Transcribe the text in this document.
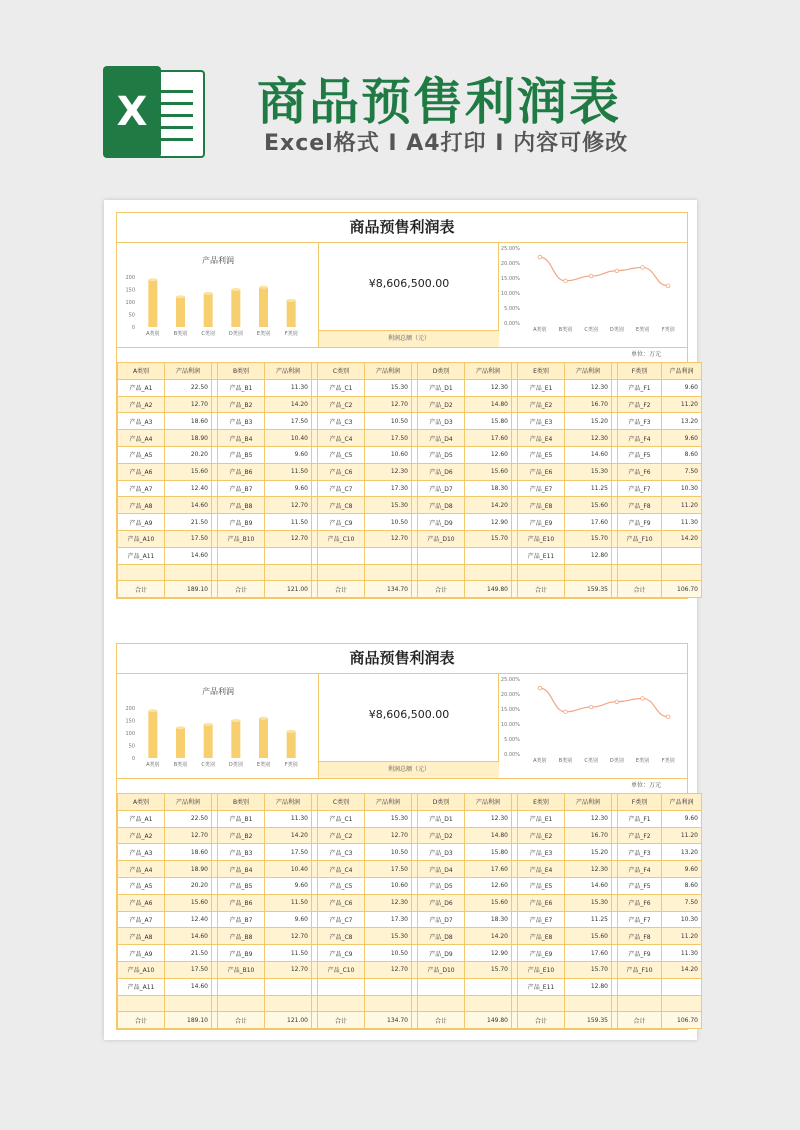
X 商品预售利润表
Excel格式 I A4打印 I 内容可修改
商品预售利润表
产品利润
0
50
100
150
200
A类别	B类别	C类别	D类别	E类别	F类别
¥8,606,500.00
利润总额（元）
0.00%
5.00%
10.00%
15.00%
20.00%
25.00%
A类别 B类别 C类别 D类别 E类别	F类别
单位：万元
A类别	产品利润		B类别	产品利润		C类别	产品利润		D类别	产品利润		E类别	产品利润		F类别	产品利润
产品_A1	22.50		产品_B1	11.30		产品_C1	15.30		产品_D1	12.30		产品_E1	12.30		产品_F1	9.60
产品_A2	12.70		产品_B2	14.20		产品_C2	12.70		产品_D2	14.80		产品_E2	16.70		产品_F2	11.20
产品_A3	18.60		产品_B3	17.50		产品_C3	10.50		产品_D3	15.80		产品_E3	15.20		产品_F3	13.20
产品_A4	18.90		产品_B4	10.40		产品_C4	17.50		产品_D4	17.60		产品_E4	12.30		产品_F4	9.60
产品_A5	20.20		产品_B5	9.60		产品_C5	10.60		产品_D5	12.60		产品_E5	14.60		产品_F5	8.60
产品_A6	15.60		产品_B6	11.50		产品_C6	12.30		产品_D6	15.60		产品_E6	15.30		产品_F6	7.50
产品_A7	12.40		产品_B7	9.60		产品_C7	17.30		产品_D7	18.30		产品_E7	11.25		产品_F7	10.30
产品_A8	14.60		产品_B8	12.70		产品_C8	15.30		产品_D8	14.20		产品_E8	15.60		产品_F8	11.20
产品_A9	21.50		产品_B9	11.50		产品_C9	10.50		产品_D9	12.90		产品_E9	17.60		产品_F9	11.30
产品_A10	17.50		产品_B10	12.70		产品_C10	12.70		产品_D10	15.70		产品_E10	15.70		产品_F10	14.20
产品_A11	14.60											产品_E11	12.80			

合计	189.10		合计	121.00		合计	134.70		合计	149.80		合计	159.35		合计	106.70
商品预售利润表
产品利润
0
50
100
150
200
A类别	B类别	C类别	D类别	E类别	F类别
¥8,606,500.00
利润总额（元）
0.00%
5.00%
10.00%
15.00%
20.00%
25.00%
A类别 B类别 C类别 D类别 E类别	F类别
单位：万元
A类别	产品利润		B类别	产品利润		C类别	产品利润		D类别	产品利润		E类别	产品利润		F类别	产品利润
产品_A1	22.50		产品_B1	11.30		产品_C1	15.30		产品_D1	12.30		产品_E1	12.30		产品_F1	9.60
产品_A2	12.70		产品_B2	14.20		产品_C2	12.70		产品_D2	14.80		产品_E2	16.70		产品_F2	11.20
产品_A3	18.60		产品_B3	17.50		产品_C3	10.50		产品_D3	15.80		产品_E3	15.20		产品_F3	13.20
产品_A4	18.90		产品_B4	10.40		产品_C4	17.50		产品_D4	17.60		产品_E4	12.30		产品_F4	9.60
产品_A5	20.20		产品_B5	9.60		产品_C5	10.60		产品_D5	12.60		产品_E5	14.60		产品_F5	8.60
产品_A6	15.60		产品_B6	11.50		产品_C6	12.30		产品_D6	15.60		产品_E6	15.30		产品_F6	7.50
产品_A7	12.40		产品_B7	9.60		产品_C7	17.30		产品_D7	18.30		产品_E7	11.25		产品_F7	10.30
产品_A8	14.60		产品_B8	12.70		产品_C8	15.30		产品_D8	14.20		产品_E8	15.60		产品_F8	11.20
产品_A9	21.50		产品_B9	11.50		产品_C9	10.50		产品_D9	12.90		产品_E9	17.60		产品_F9	11.30
产品_A10	17.50		产品_B10	12.70		产品_C10	12.70		产品_D10	15.70		产品_E10	15.70		产品_F10	14.20
产品_A11	14.60											产品_E11	12.80			

合计	189.10		合计	121.00		合计	134.70		合计	149.80		合计	159.35		合计	106.70
